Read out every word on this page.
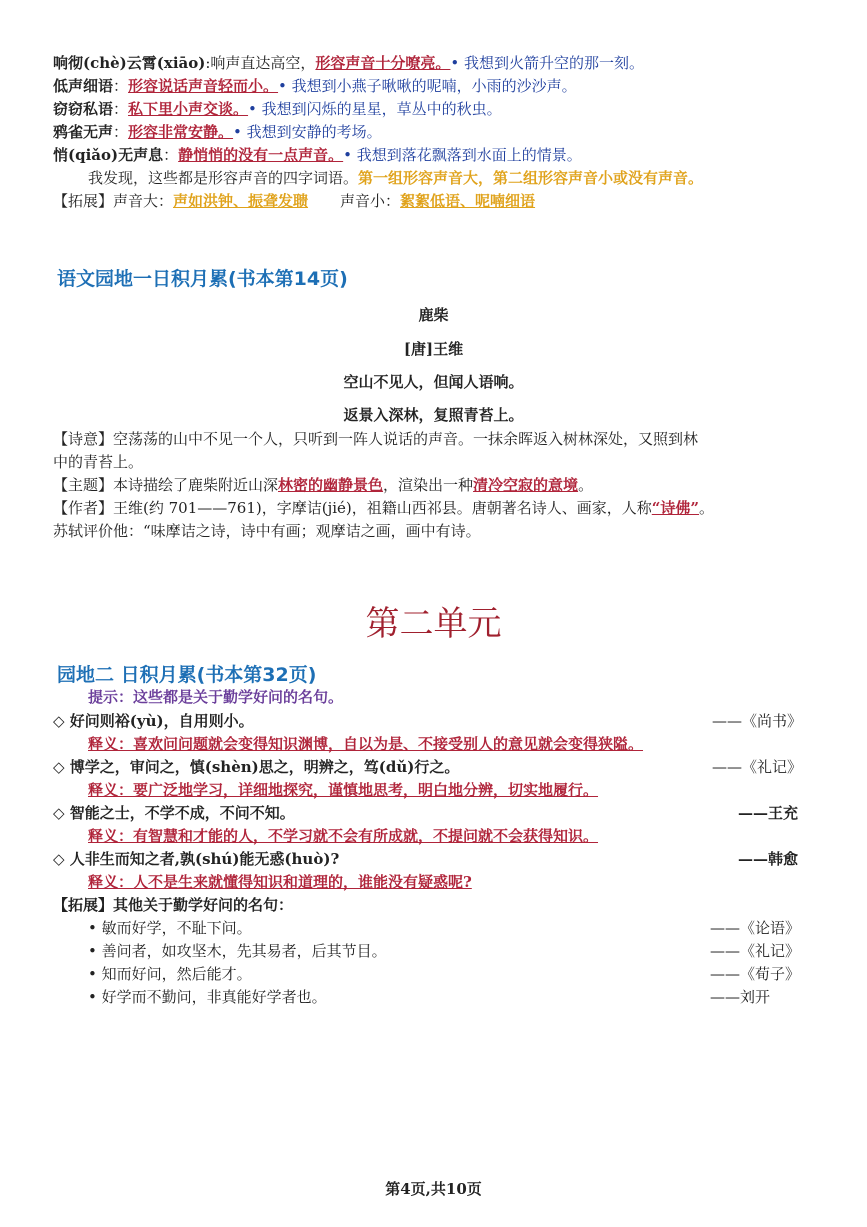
响彻(chè)云霄(xiāo):响声直达高空，形容声音十分嘹亮。• 我想到火箭升空的那一刻。
低声细语：形容说话声音轻而小。• 我想到小燕子啾啾的呢喃，小雨的沙沙声。
窃窃私语：私下里小声交谈。• 我想到闪烁的星星，草丛中的秋虫。
鸦雀无声：形容非常安静。• 我想到安静的考场。
悄(qiǎo)无声息：静悄悄的没有一点声音。• 我想到落花飘落到水面上的情景。
我发现，这些都是形容声音的四字词语。第一组形容声音大，第二组形容声音小或没有声音。
【拓展】声音大：声如洪钟、振聋发聩 声音小：絮絮低语、呢喃细语
语文园地一日积月累(书本第14页)
鹿柴
[唐]王维
空山不见人，但闻人语响。
返景入深林，复照青苔上。
【诗意】空荡荡的山中不见一个人，只听到一阵人说话的声音。一抹余晖返入树林深处，又照到林
中的青苔上。
【主题】本诗描绘了鹿柴附近山深林密的幽静景色，渲染出一种清冷空寂的意境。
【作者】王维(约 701——761)，字摩诘(jié)，祖籍山西祁县。唐朝著名诗人、画家，人称“诗佛”。
苏轼评价他：“味摩诘之诗，诗中有画；观摩诘之画，画中有诗。
第二单元
园地二 日积月累(书本第32页)
提示：这些都是关于勤学好问的名句。
◇ 好问则裕(yù)，自用则小。	——《尚书》
释义：喜欢问问题就会变得知识渊博，自以为是、不接受别人的意见就会变得狭隘。
◇ 博学之，审问之，慎(shèn)思之，明辨之，笃(dǔ)行之。	——《礼记》
释义：要广泛地学习，详细地探究，谨慎地思考，明白地分辨，切实地履行。
◇ 智能之士，不学不成，不问不知。	——王充
释义：有智慧和才能的人，不学习就不会有所成就，不提问就不会获得知识。
◇ 人非生而知之者,孰(shú)能无惑(huò)?	——韩愈
释义：人不是生来就懂得知识和道理的，谁能没有疑惑呢?
【拓展】其他关于勤学好问的名句：
• 敏而好学，不耻下问。	——《论语》
• 善问者，如攻坚木，先其易者，后其节目。	——《礼记》
• 知而好问，然后能才。	——《荀子》
• 好学而不勤问，非真能好学者也。	——刘开
第4页,共10页
